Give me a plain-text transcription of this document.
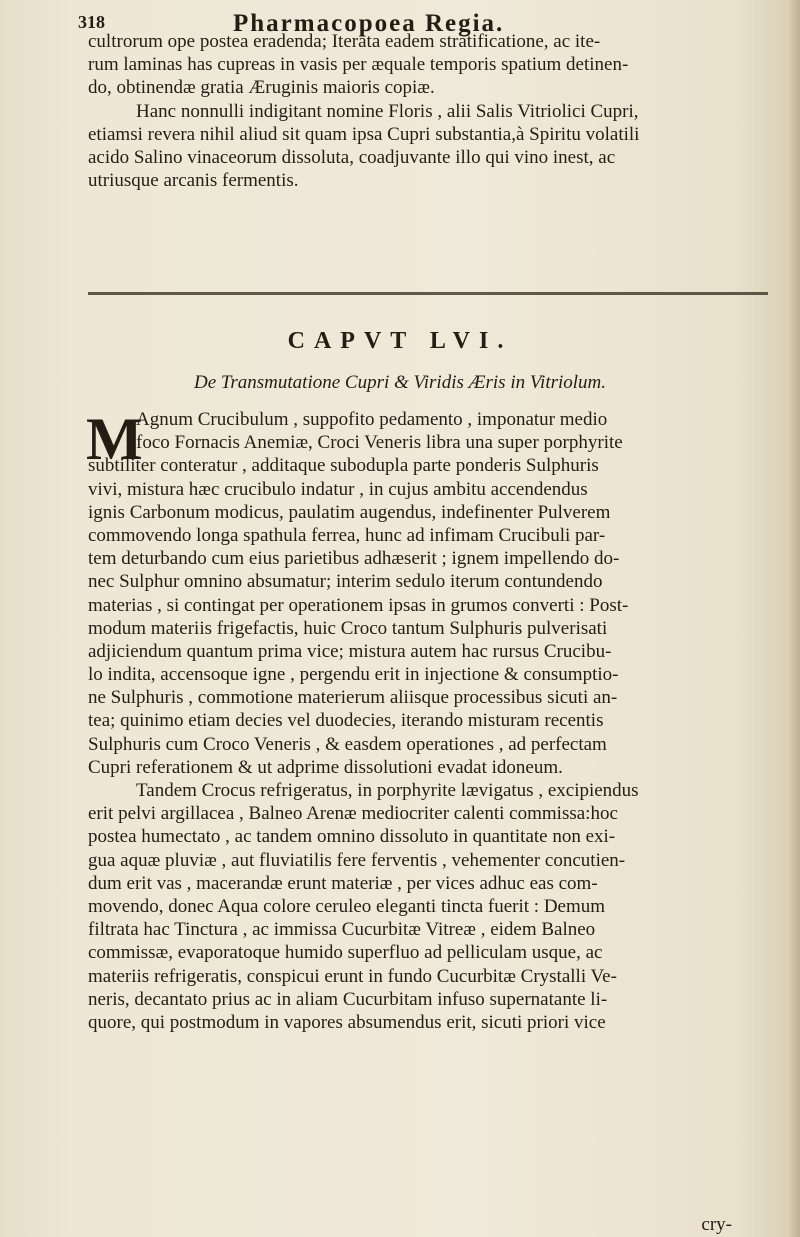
318	Pharmacopoea Regia.
cultrorum ope postea eradenda; Iterata eadem stratificatione, ac ite-
rum laminas has cupreas in vasis per æquale temporis spatium detinen-
do, obtinendæ gratia Æruginis maioris copiæ.
Hanc nonnulli indigitant nomine Floris , alii Salis Vitriolici Cupri,
etiamsi revera nihil aliud sit quam ipsa Cupri substantia,à Spiritu volatili
acido Salino vinaceorum dissoluta, coadjuvante illo qui vino inest, ac
utriusque arcanis fermentis.
CAPVT LVI.
De Transmutatione Cupri & Viridis Æris in Vitriolum.
M
Agnum Crucibulum , suppofito pedamento , imponatur medio
foco Fornacis Anemiæ, Croci Veneris libra una super porphyrite
subtiliter conteratur , additaque subodupla parte ponderis Sulphuris
vivi, mistura hæc crucibulo indatur , in cujus ambitu accendendus
ignis Carbonum modicus, paulatim augendus, indefinenter Pulverem
commovendo longa spathula ferrea, hunc ad infimam Crucibuli par-
tem deturbando cum eius parietibus adhæserit ; ignem impellendo do-
nec Sulphur omnino absumatur; interim sedulo iterum contundendo
materias , si contingat per operationem ipsas in grumos converti : Post-
modum materiis frigefactis, huic Croco tantum Sulphuris pulverisati
adjiciendum quantum prima vice; mistura autem hac rursus Crucibu-
lo indita, accensoque igne , pergendu erit in injectione & consumptio-
ne Sulphuris , commotione materierum aliisque processibus sicuti an-
tea; quinimo etiam decies vel duodecies, iterando misturam recentis
Sulphuris cum Croco Veneris , & easdem operationes , ad perfectam
Cupri referationem & ut adprime dissolutioni evadat idoneum.
Tandem Crocus refrigeratus, in porphyrite lævigatus , excipiendus
erit pelvi argillacea , Balneo Arenæ mediocriter calenti commissa:hoc
postea humectato , ac tandem omnino dissoluto in quantitate non exi-
gua aquæ pluviæ , aut fluviatilis fere ferventis , vehementer concutien-
dum erit vas , macerandæ erunt materiæ , per vices adhuc eas com-
movendo, donec Aqua colore ceruleo eleganti tincta fuerit : Demum
filtrata hac Tinctura , ac immissa Cucurbitæ Vitreæ , eidem Balneo
commissæ, evaporatoque humido superfluo ad pelliculam usque, ac
materiis refrigeratis, conspicui erunt in fundo Cucurbitæ Crystalli Ve-
neris, decantato prius ac in aliam Cucurbitam infuso supernatante li-
quore, qui postmodum in vapores absumendus erit, sicuti priori vice
cry-
